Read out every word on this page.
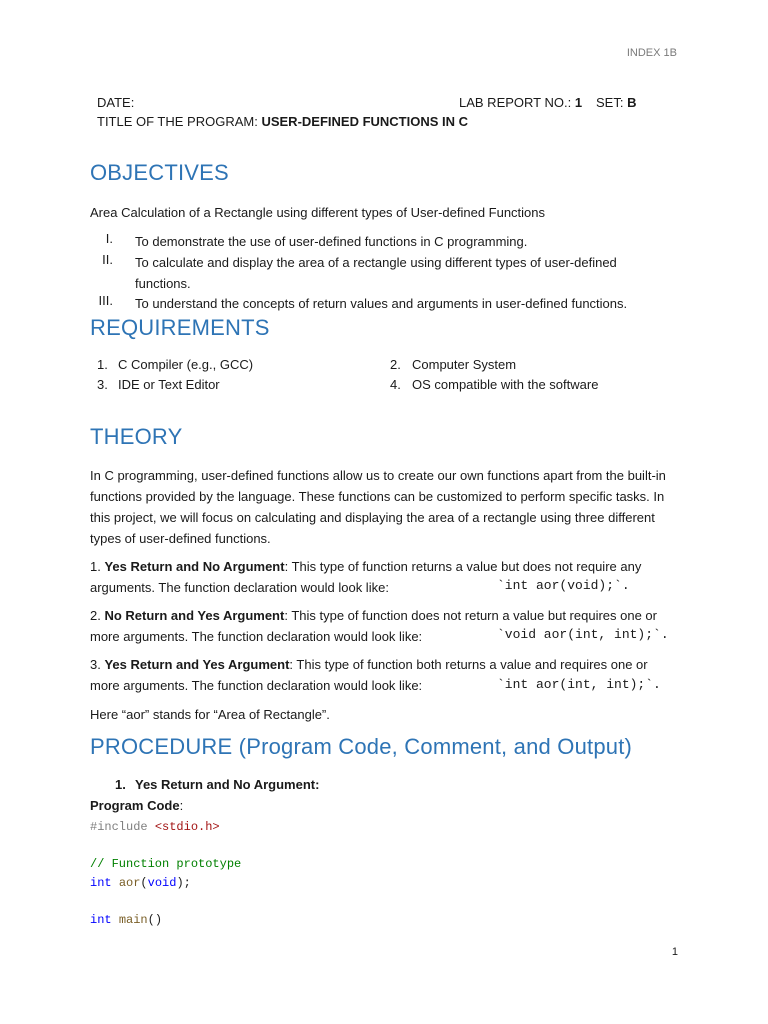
INDEX 1B
DATE:	LAB REPORT NO.: 1 SET: B
TITLE OF THE PROGRAM: USER-DEFINED FUNCTIONS IN C
OBJECTIVES
Area Calculation of a Rectangle using different types of User-defined Functions
I. To demonstrate the use of user-defined functions in C programming.
II. To calculate and display the area of a rectangle using different types of user-defined functions.
III. To understand the concepts of return values and arguments in user-defined functions.
REQUIREMENTS
1. C Compiler (e.g., GCC)	2. Computer System
3. IDE or Text Editor	4. OS compatible with the software
THEORY
In C programming, user-defined functions allow us to create our own functions apart from the built-in functions provided by the language. These functions can be customized to perform specific tasks. In this project, we will focus on calculating and displaying the area of a rectangle using three different types of user-defined functions.
1. Yes Return and No Argument: This type of function returns a value but does not require any arguments. The function declaration would look like:	`int aor(void);`.
2. No Return and Yes Argument: This type of function does not return a value but requires one or more arguments. The function declaration would look like:	`void aor(int, int);`.
3. Yes Return and Yes Argument: This type of function both returns a value and requires one or more arguments. The function declaration would look like:	`int aor(int, int);`.
Here “aor” stands for “Area of Rectangle”.
PROCEDURE (Program Code, Comment, and Output)
1. Yes Return and No Argument:
Program Code:
#include <stdio.h>
// Function prototype
int aor(void);
int main()
1
